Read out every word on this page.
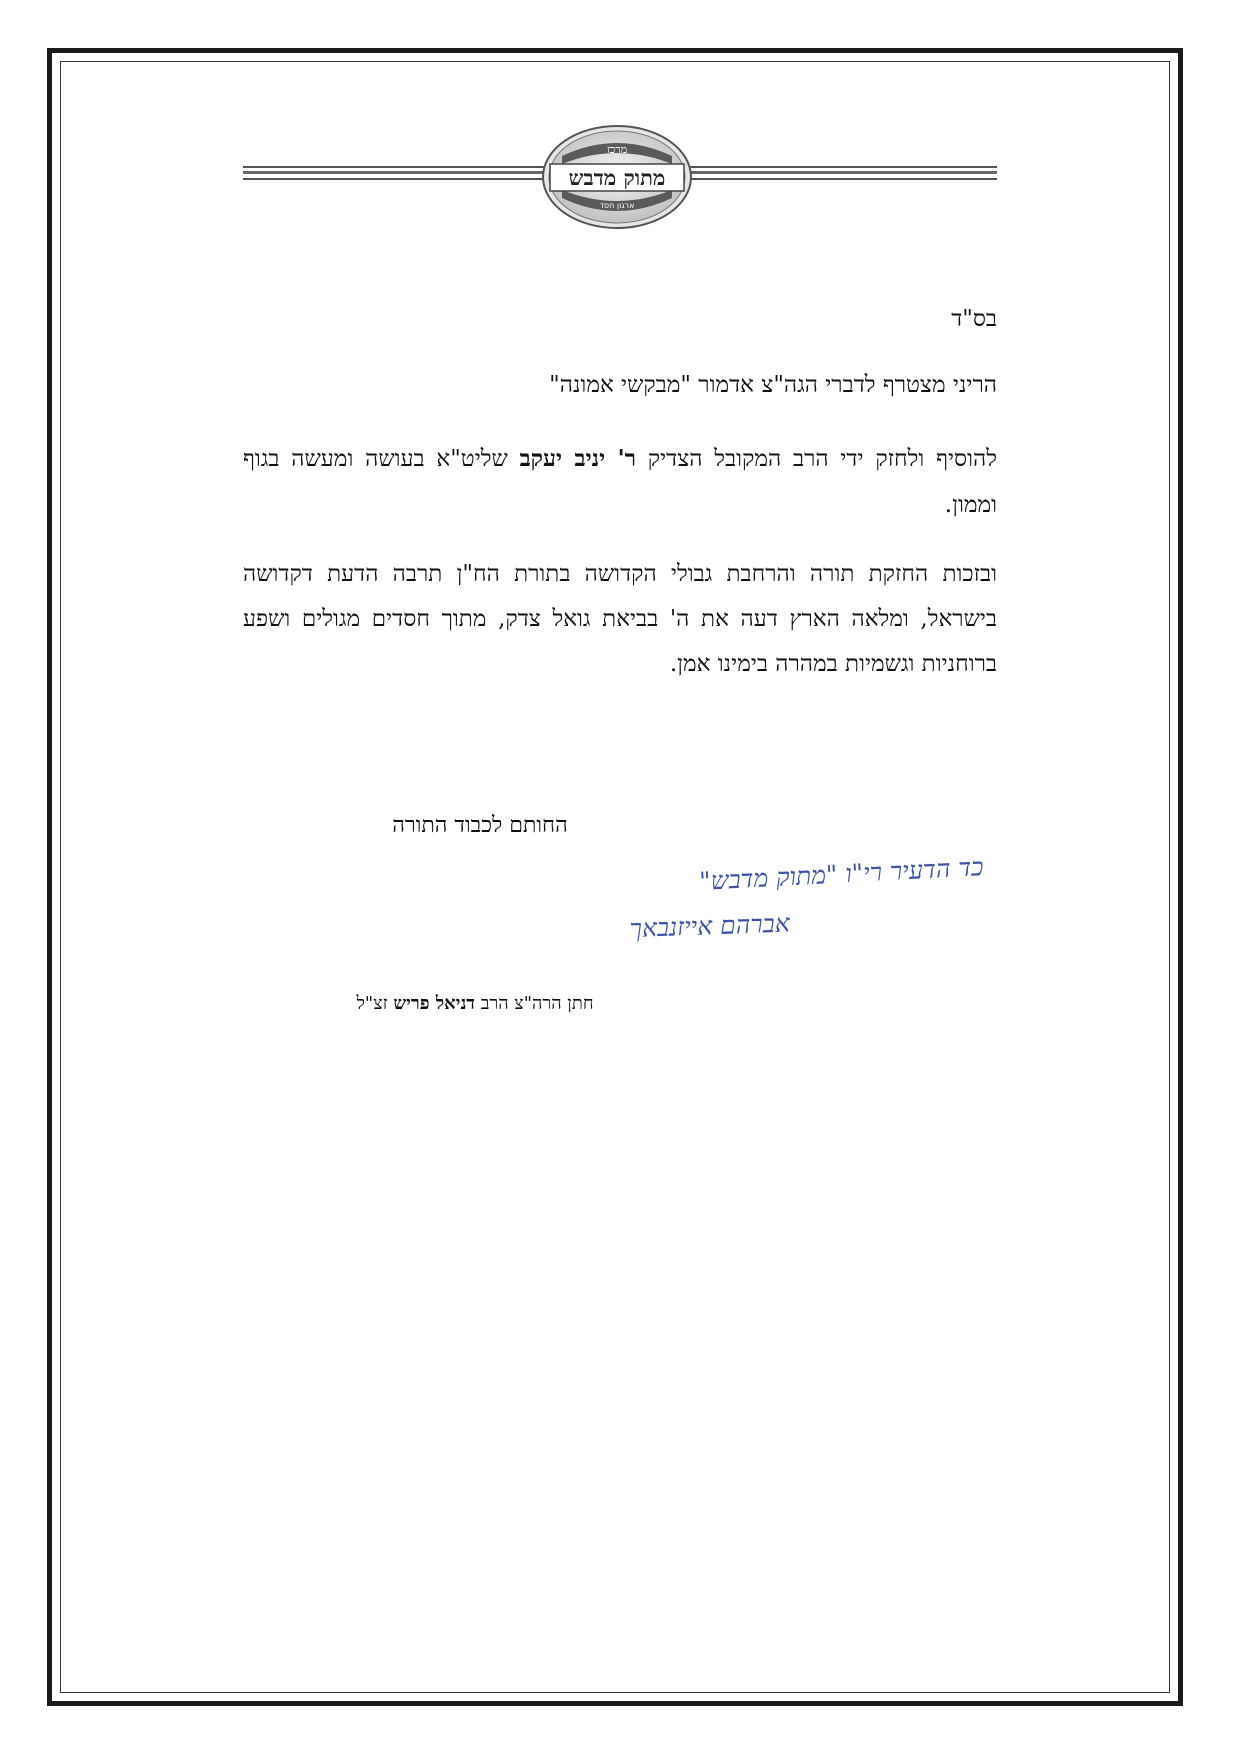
מרכז
מתוק מדבש
ארגון חסד
בס"ד
הריני מצטרף לדברי הגה"צ אדמור "מבקשי אמונה"
להוסיף ולחזק ידי הרב המקובל הצדיק ר' יניב יעקב שליט"א בעושה ומעשה בגוף וממון.
ובזכות החזקת תורה והרחבת גבולי הקדושה בתורת הח"ן תרבה הדעת דקדושה בישראל, ומלאה הארץ דעה את ה' בביאת גואל צדק, מתוך חסדים מגולים ושפע ברוחניות וגשמיות במהרה בימינו אמן.
החותם לכבוד התורה
כד הדעיר רי"ו "מתוק מדבש"
אברהם אייזנבאך
חתן הרה"צ הרב דניאל פריש זצ"ל
